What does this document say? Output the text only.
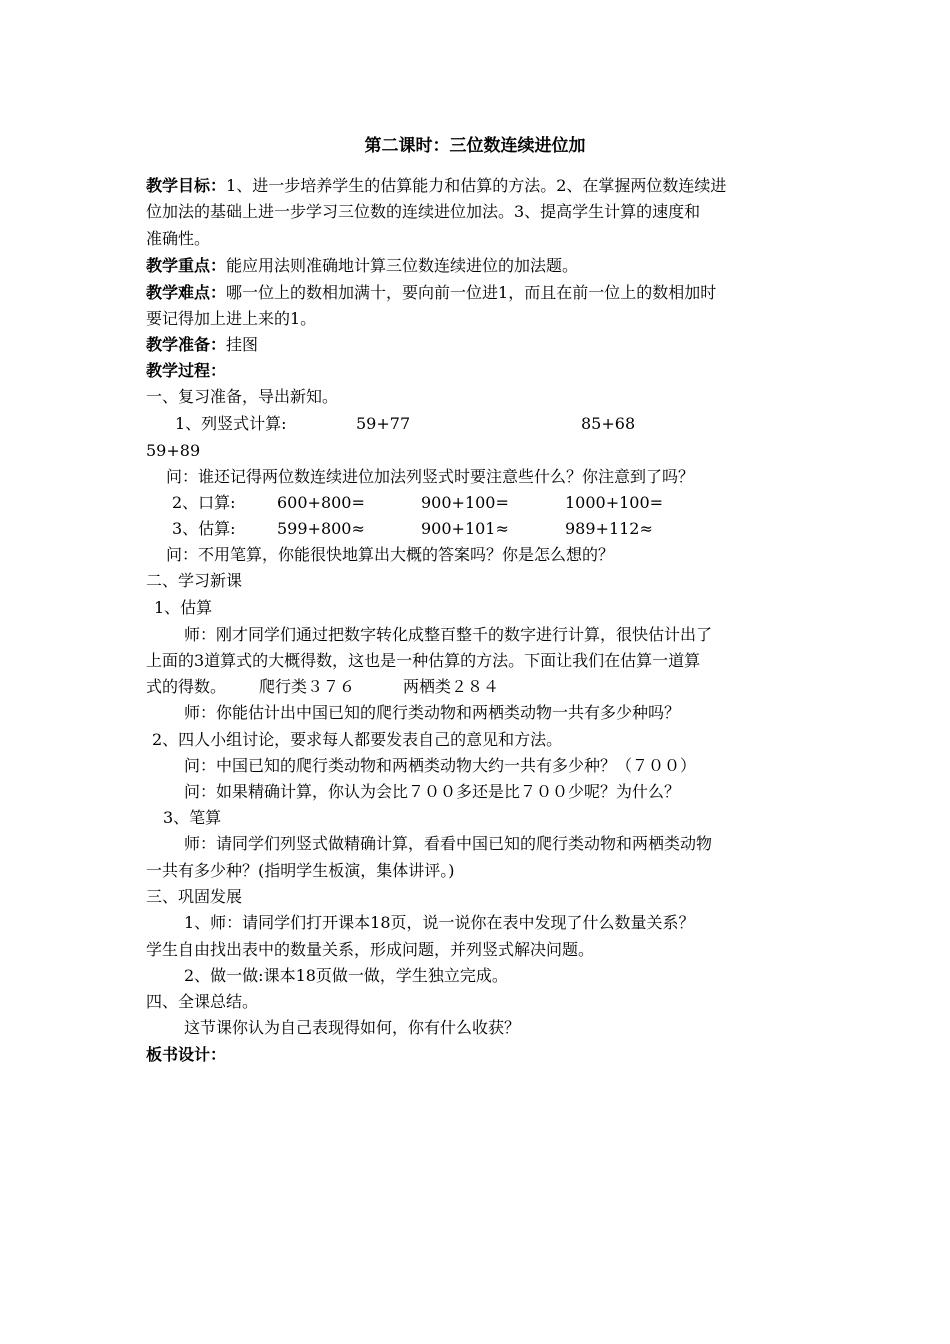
第二课时：三位数连续进位加
教学目标：1、进一步培养学生的估算能力和估算的方法。2、在掌握两位数连续进
位加法的基础上进一步学习三位数的连续进位加法。3、提高学生计算的速度和
准确性。
教学重点：能应用法则准确地计算三位数连续进位的加法题。
教学难点：哪一位上的数相加满十，要向前一位进1，而且在前一位上的数相加时
要记得加上进上来的1。
教学准备：挂图
教学过程：
一、复习准备，导出新知。
1、列竖式计算:	59+77	85+68
59+89
问：谁还记得两位数连续进位加法列竖式时要注意些什么？你注意到了吗？
2、口算:	600+800=	900+100=	1000+100=
3、估算:	599+800≈	900+101≈	989+112≈
问：不用笔算，你能很快地算出大概的答案吗？你是怎么想的？
二、学习新课
1、估算
师：刚才同学们通过把数字转化成整百整千的数字进行计算，很快估计出了
上面的3道算式的大概得数，这也是一种估算的方法。下面让我们在估算一道算
式的得数。 爬行类３７６	两栖类２８４
师：你能估计出中国已知的爬行类动物和两栖类动物一共有多少种吗？
2、四人小组讨论，要求每人都要发表自己的意见和方法。
问：中国已知的爬行类动物和两栖类动物大约一共有多少种？（７００）
问：如果精确计算，你认为会比７００多还是比７００少呢？为什么？
3、笔算
师：请同学们列竖式做精确计算，看看中国已知的爬行类动物和两栖类动物
一共有多少种？(指明学生板演，集体讲评。)
三、巩固发展
1、师：请同学们打开课本18页，说一说你在表中发现了什么数量关系？
学生自由找出表中的数量关系，形成问题，并列竖式解决问题。
2、做一做:课本18页做一做，学生独立完成。
四、全课总结。
这节课你认为自己表现得如何，你有什么收获？
板书设计：
